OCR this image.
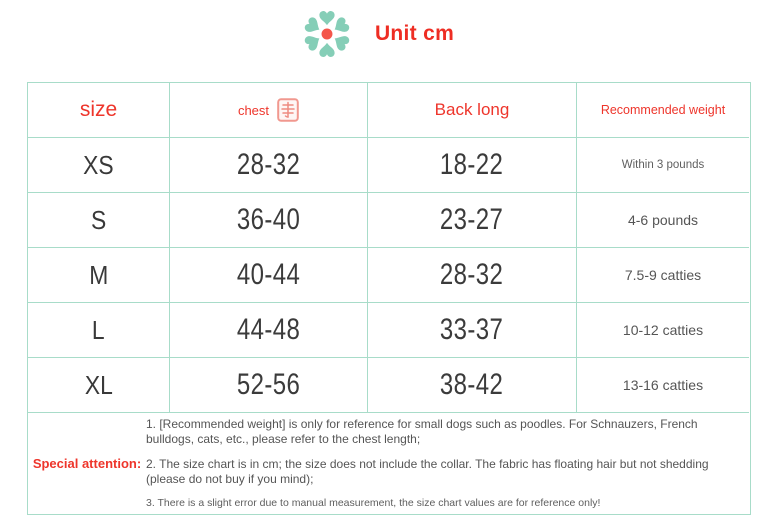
Unit cm
size	chest	Back long	Recommended weight
XS	28-32	18-22	Within 3 pounds
S	36-40	23-27	4-6 pounds
M	40-44	28-32	7.5-9 catties
L	44-48	33-37	10-12 catties
XL	52-56	38-42	13-16 catties
Special attention:
1. [Recommended weight] is only for reference for small dogs such as poodles. For Schnauzers, French bulldogs, cats, etc., please refer to the chest length;
2. The size chart is in cm; the size does not include the collar. The fabric has floating hair but not shedding (please do not buy if you mind);
3. There is a slight error due to manual measurement, the size chart values are for reference only!
